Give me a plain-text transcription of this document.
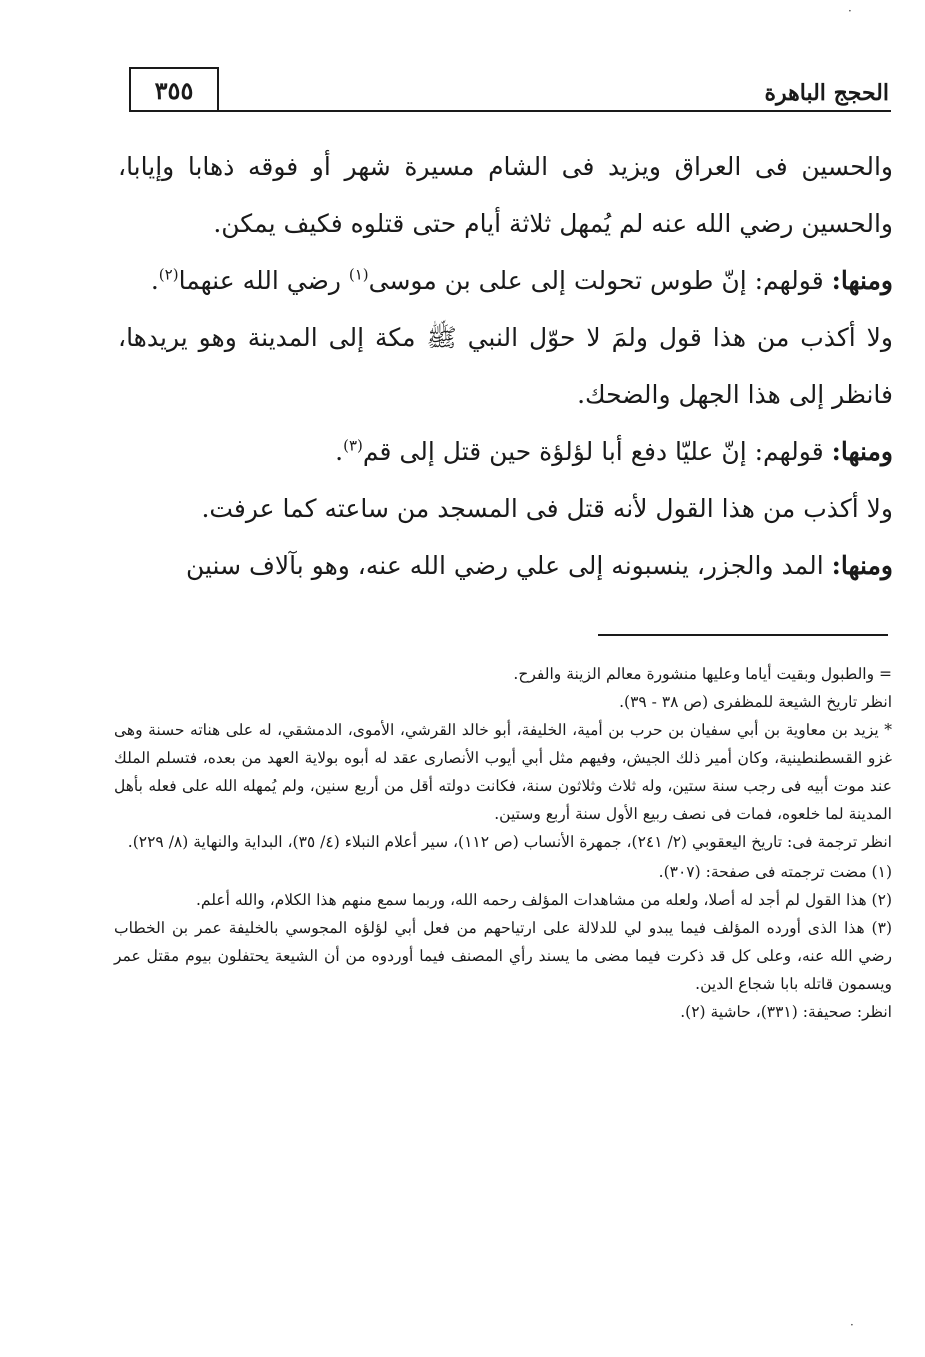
·
٣٥٥	الحجج الباهرة

والحسين فى العراق ويزيد فى الشام مسيرة شهر أو فوقه ذهابا وإيابا، والحسين رضي الله عنه لم يُمهل ثلاثة أيام حتى قتلوه فكيف يمكن.

ومنها: قولهم: إنّ طوس تحولت إلى على بن موسى$^{(١)}$ رضي الله عنهما$^{(٢)}$.

ولا أكذب من هذا قول ولمَ لا حوّل النبي ﷺ مكة إلى المدينة وهو يريدها، فانظر إلى هذا الجهل والضحك.

ومنها: قولهم: إنّ عليّا دفع أبا لؤلؤة حين قتل إلى قم$^{(٣)}$.

ولا أكذب من هذا القول لأنه قتل فى المسجد من ساعته كما عرفت.

ومنها: المد والجزر، ينسبونه إلى علي رضي الله عنه، وهو بآلاف سنين

= والطبول وبقيت أياما وعليها منشورة معالم الزينة والفرح.

انظر تاريخ الشيعة للمظفرى (ص ٣٨ - ٣٩).

* يزيد بن معاوية بن أبي سفيان بن حرب بن أمية، الخليفة، أبو خالد القرشي، الأموى، الدمشقي، له على هناته حسنة وهى غزو القسطنطينية، وكان أمير ذلك الجيش، وفيهم مثل أبي أيوب الأنصارى عقد له أبوه بولاية العهد من بعده، فتسلم الملك عند موت أبيه فى رجب سنة ستين، وله ثلاث وثلاثون سنة، فكانت دولته أقل من أربع سنين، ولم يُمهله الله على فعله بأهل المدينة لما خلعوه، فمات فى نصف ربيع الأول سنة أربع وستين.

انظر ترجمة فى: تاريخ اليعقوبي (٢/ ٢٤١)، جمهرة الأنساب (ص ١١٢)، سير أعلام النبلاء (٤/ ٣٥)، البداية والنهاية (٨/ ٢٢٩).

(١) مضت ترجمته فى صفحة: (٣٠٧).

(٢) هذا القول لم أجد له أصلا، ولعله من مشاهدات المؤلف رحمه الله، وربما سمع منهم هذا الكلام، والله أعلم.

(٣) هذا الذى أورده المؤلف فيما يبدو لي للدلالة على ارتياحهم من فعل أبي لؤلؤه المجوسي بالخليفة عمر بن الخطاب رضي الله عنه، وعلى كل قد ذكرت فيما مضى ما يسند رأي المصنف فيما أوردوه من أن الشيعة يحتفلون بيوم مقتل عمر ويسمون قاتله بابا شجاع الدين.

انظر: صحيفة: (٣٣١)، حاشية (٢).

·
